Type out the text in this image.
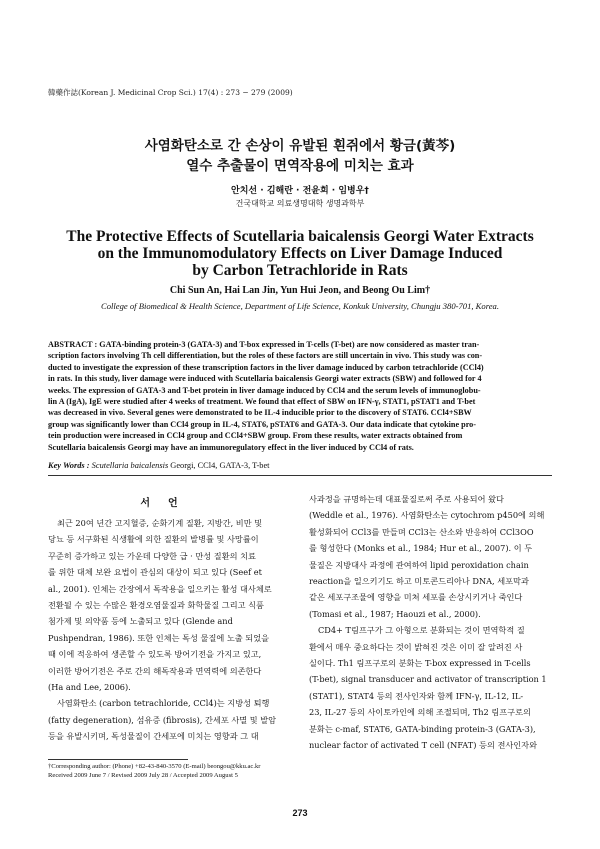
韓藥作誌(Korean J. Medicinal Crop Sci.) 17(4) : 273 − 279 (2009)
사염화탄소로 간 손상이 유발된 흰쥐에서 황금(黃芩)
열수 추출물이 면역작용에 미치는 효과
안치선 · 김해란 · 전윤희 · 임병우†
건국대학교 의료생명대학 생명과학부
The Protective Effects of Scutellaria baicalensis Georgi Water Extracts
on the Immunomodulatory Effects on Liver Damage Induced
by Carbon Tetrachloride in Rats
Chi Sun An, Hai Lan Jin, Yun Hui Jeon, and Beong Ou Lim†
College of Biomedical & Health Science, Department of Life Science, Konkuk University, Chungju 380-701, Korea.
ABSTRACT : GATA-binding protein-3 (GATA-3) and T-box expressed in T-cells (T-bet) are now considered as master tran-
scription factors involving Th cell differentiation, but the roles of these factors are still uncertain in vivo. This study was con-
ducted to investigate the expression of these transcription factors in the liver damage induced by carbon tetrachloride (CCl4)
in rats. In this study, liver damage were induced with Scutellaria baicalensis Georgi water extracts (SBW) and followed for 4
weeks. The expression of GATA-3 and T-bet protein in liver damage induced by CCl4 and the serum levels of immunoglobu-
lin A (IgA), IgE were studied after 4 weeks of treatment. We found that effect of SBW on IFN-γ, STAT1, pSTAT1 and T-bet
was decreased in vivo. Several genes were demonstrated to be IL-4 inducible prior to the discovery of STAT6. CCl4+SBW
group was significantly lower than CCl4 group in IL-4, STAT6, pSTAT6 and GATA-3. Our data indicate that cytokine pro-
tein production were increased in CCl4 group and CCl4+SBW group. From these results, water extracts obtained from
Scutellaria baicalensis Georgi may have an immunoregulatory effect in the liver induced by CCl4 of rats.
Key Words : Scutellaria baicalensis Georgi, CCl4, GATA-3, T-bet
서언
최근 20여 년간 고지혈증, 순화기계 질환, 지방간, 비만 및
당뇨 등 서구화된 식생활에 의한 질환의 발병률 및 사망률이
꾸준히 증가하고 있는 가운데 다양한 급 · 만성 질환의 치료
를 위한 대체 보완 요법이 관심의 대상이 되고 있다 (Seef et
al., 2001). 인체는 간장에서 독작용을 일으키는 활성 대사체로
전환될 수 있는 수많은 환경오염물질과 화학물질 그리고 식품
첨가제 및 의약품 등에 노출되고 있다 (Glende and
Pushpendran, 1986). 또한 인체는 독성 물질에 노출 되었을
때 이에 적응하여 생존할 수 있도록 방어기전을 가지고 있고,
이러한 방어기전은 주로 간의 해독작용과 면역력에 의존한다
(Ha and Lee, 2006).
사염화탄소 (carbon tetrachloride, CCl4)는 지방성 퇴행
(fatty degeneration), 섬유증 (fibrosis), 간세포 사멸 및 발암
등을 유발시키며, 독성물질이 간세포에 미치는 영향과 그 대
사과정을 규명하는데 대표물질로써 주로 사용되어 왔다
(Weddle et al., 1976). 사염화탄소는 cytochrom p450에 의해
활성화되어 CCl3를 만들며 CCl3는 산소와 반응하여 CCl3OO
를 형성한다 (Monks et al., 1984; Hur et al., 2007). 이 두
물질은 지방대사 과정에 관여하여 lipid peroxidation chain
reaction을 일으키기도 하고 미토콘드리아나 DNA, 세포막과
같은 세포구조물에 영향을 미쳐 세포를 손상시키거나 죽인다
(Tomasi et al., 1987; Haouzi et al., 2000).
CD4+ T림프구가 그 아형으로 분화되는 것이 면역학적 질
환에서 매우 중요하다는 것이 밝혀진 것은 이미 잘 알려진 사
실이다. Th1 림프구로의 분화는 T-box expressed in T-cells
(T-bet), signal transducer and activator of transcription 1
(STAT1), STAT4 등의 전사인자와 함께 IFN-γ, IL-12, IL-
23, IL-27 등의 사이토카인에 의해 조절되며, Th2 림프구로의
분화는 c-maf, STAT6, GATA-binding protein-3 (GATA-3),
nuclear factor of activated T cell (NFAT) 등의 전사인자와
†Corresponding author: (Phone) +82-43-840-3570 (E-mail) beongou@kku.ac.kr
Received 2009 June 7 / Revised 2009 July 28 / Accepted 2009 August 5
273
